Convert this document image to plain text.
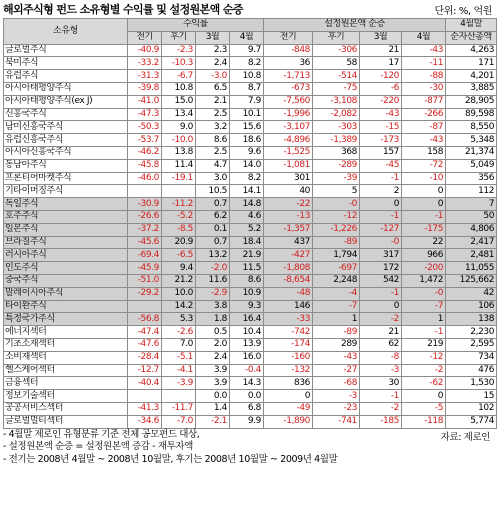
해외주식형 펀드 소유형별 수익률 및 설정원본액 순증	단위: %, 억원
소유형	수익률				설정원본액 순증				4월말
	전기	후기	3월	4월	전기	후기	3월	4월	순자산총액
글로벌주식	-40.9	-2.3	2.3	9.7	-848	-306	21	-43	4,263
북미주식	-33.2	-10.3	2.4	8.2	36	58	17	-11	171
유럽주식	-31.3	-6.7	-3.0	10.8	-1,713	-514	-120	-88	4,201
아시아태평양주식	-39.8	10.8	6.5	8.7	-673	-75	-6	-30	3,885
아시아태평양주식(ex J)	-41.0	15.0	2.1	7.9	-7,560	-3,108	-220	-877	28,905
신흥국주식	-47.3	13.4	2.5	10.1	-1,996	-2,082	-43	-266	89,598
남미신흥국주식	-50.3	9.0	3.2	15.6	-3,107	-303	-15	-87	8,550
유럽신흥국주식	-53.7	-10.0	8.6	18.6	-4,896	-1,389	-173	-43	5,348
아시아신흥국주식	-46.2	13.8	2.5	9.6	-1,525	368	157	158	21,374
동남아주식	-45.8	11.4	4.7	14.0	-1,081	-289	-45	-72	5,049
프론티어마켓주식	-46.0	-19.1	3.0	8.2	301	-39	-1	-10	356
기타이머징주식			10.5	14.1	40	5	2	0	112
독일주식	-30.9	-11.2	0.7	14.8	-22	-0	0	0	7
호주주식	-26.6	-5.2	6.2	4.6	-13	-12	-1	-1	50
일본주식	-37.2	-8.5	0.1	5.2	-1,357	-1,226	-127	-175	4,806
브라질주식	-45.6	20.9	0.7	18.4	437	-89	-0	22	2,417
러시아주식	-69.4	-6.5	13.2	21.9	-427	1,794	317	966	2,481
인도주식	-45.9	9.4	-2.0	11.5	-1,808	-697	172	-200	11,055
중국주식	-51.0	21.2	11.6	8.6	-8,654	2,248	542	1,472	125,662
말레이시아주식	-29.2	10.0	-2.9	10.9	-48	-4	-1	-0	42
타이완주식		14.2	3.8	9.3	146	-7	0	-7	106
특정국가주식	-56.8	5.3	1.8	16.4	-33	1	-2	1	138
에너지섹터	-47.4	-2.6	0.5	10.4	-742	-89	21	-1	2,230
기초소재섹터	-47.6	7.0	2.0	13.9	-174	289	62	219	2,595
소비재섹터	-28.4	-5.1	2.4	16.0	-160	-43	-8	-12	734
헬스케어섹터	-12.7	-4.1	3.9	-0.4	-132	-27	-3	-2	476
금융섹터	-40.4	-3.9	3.9	14.3	836	-68	30	-62	1,530
정보기술섹터			0.0	0.0	0	-3	-1	0	15
공공서비스섹터	-41.3	-11.7	1.4	6.8	-49	-23	-2	-5	102
글로벌멀티섹터	-34.6	-7.0	-2.1	9.9	-1,890	-741	-185	-118	5,774
- 4월말 제로인 유형분류 기준 전체 공모펀드 대상,
- 설정원본액 순증 = 설정원본액 증감 - 재투자액
- 전기는 2008년 4월말 ~ 2008년 10월말, 후기는 2008년 10월말 ~ 2009년 4월말
자료: 제로인
